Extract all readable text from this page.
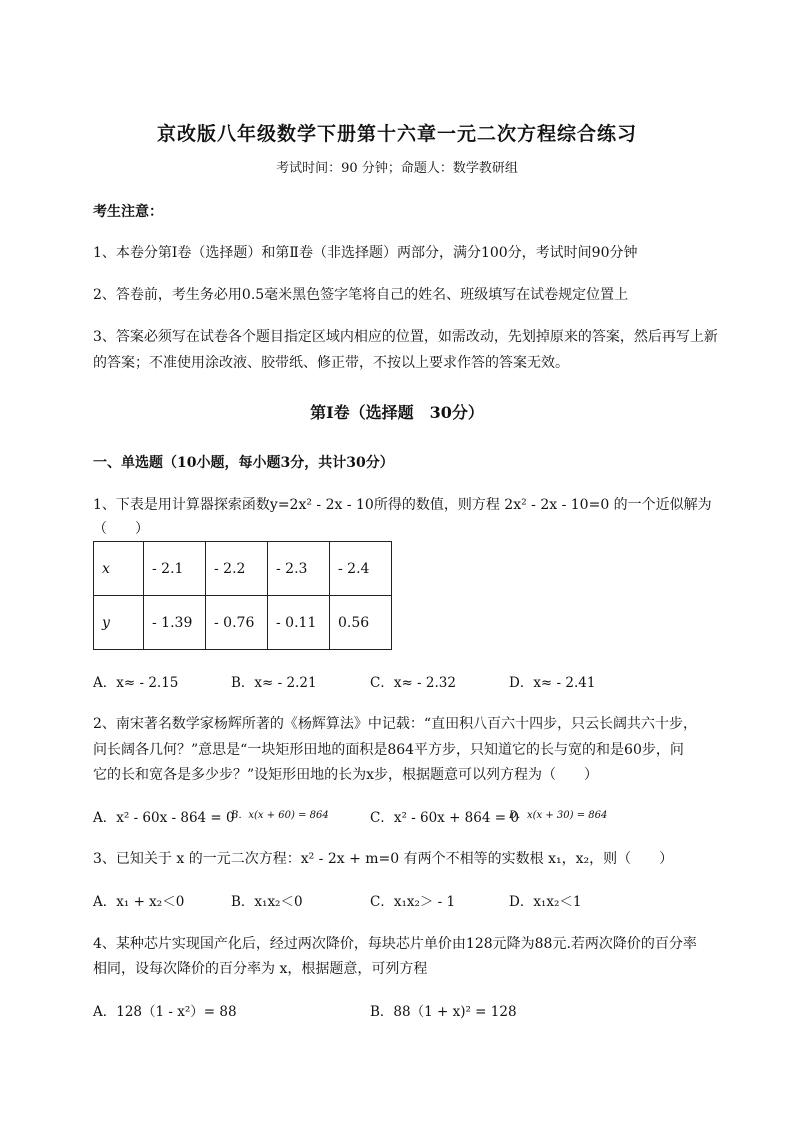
京改版八年级数学下册第十六章一元二次方程综合练习
考试时间：90 分钟；命题人：数学教研组
考生注意：
1、本卷分第Ⅰ卷（选择题）和第Ⅱ卷（非选择题）两部分，满分100分，考试时间90分钟
2、答卷前，考生务必用0.5毫米黑色签字笔将自己的姓名、班级填写在试卷规定位置上
3、答案必须写在试卷各个题目指定区域内相应的位置，如需改动，先划掉原来的答案，然后再写上新
的答案；不准使用涂改液、胶带纸、修正带，不按以上要求作答的答案无效。
第Ⅰ卷（选择题　30分）
一、单选题（10小题，每小题3分，共计30分）
1、下表是用计算器探索函数y=2x² - 2x - 10所得的数值，则方程 2x² - 2x - 10=0 的一个近似解为
（　　）
x	- 2.1	- 2.2	- 2.3	- 2.4
y	- 1.39	- 0.76	- 0.11	0.56
A．x≈ - 2.15	B．x≈ - 2.21	C．x≈ - 2.32	D．x≈ - 2.41
2、南宋著名数学家杨辉所著的《杨辉算法》中记载：“直田积八百六十四步，只云长阔共六十步，
问长阔各几何？”意思是“一块矩形田地的面积是864平方步，只知道它的长与宽的和是60步，问
它的长和宽各是多少步？”设矩形田地的长为x步，根据题意可以列方程为（　　）
A．x² - 60x - 864 = 0
B．x(x + 60) = 864	C．x² - 60x + 864 = 0
D．x(x + 30) = 864
3、已知关于 x 的一元二次方程：x² - 2x + m=0 有两个不相等的实数根 x₁，x₂，则（　　）
A．x₁ + x₂＜0	B．x₁x₂＜0	C．x₁x₂＞ - 1	D．x₁x₂＜1
4、某种芯片实现国产化后，经过两次降价，每块芯片单价由128元降为88元.若两次降价的百分率
相同，设每次降价的百分率为 x，根据题意，可列方程
A．128（1 - x²）= 88	B．88（1 + x)² = 128
